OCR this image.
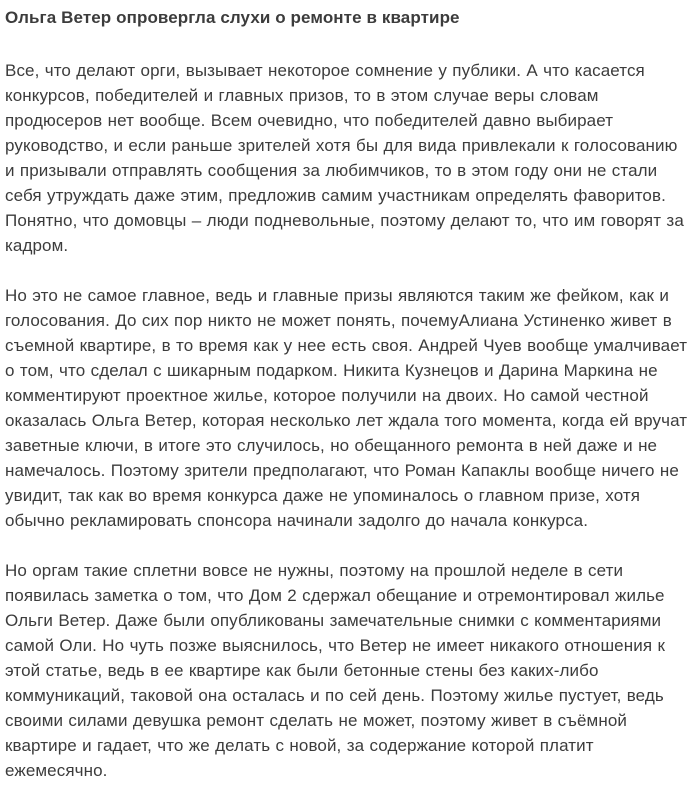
Ольга Ветер опровергла слухи о ремонте в квартире

Все, что делают орги, вызывает некоторое сомнение у публики. А что касается конкурсов, победителей и главных призов, то в этом случае веры словам продюсеров нет вообще. Всем очевидно, что победителей давно выбирает руководство, и если раньше зрителей хотя бы для вида привлекали к голосованию и призывали отправлять сообщения за любимчиков, то в этом году они не стали себя утруждать даже этим, предложив самим участникам определять фаворитов. Понятно, что домовцы – люди подневольные, поэтому делают то, что им говорят за кадром.

Но это не самое главное, ведь и главные призы являются таким же фейком, как и голосования. До сих пор никто не может понять, почемуАлиана Устиненко живет в съемной квартире, в то время как у нее есть своя. Андрей Чуев вообще умалчивает о том, что сделал с шикарным подарком. Никита Кузнецов и Дарина Маркина не комментируют проектное жилье, которое получили на двоих. Но самой честной оказалась Ольга Ветер, которая несколько лет ждала того момента, когда ей вручат заветные ключи, в итоге это случилось, но обещанного ремонта в ней даже и не намечалось. Поэтому зрители предполагают, что Роман Капаклы вообще ничего не увидит, так как во время конкурса даже не упоминалось о главном призе, хотя обычно рекламировать спонсора начинали задолго до начала конкурса.

Но оргам такие сплетни вовсе не нужны, поэтому на прошлой неделе в сети появилась заметка о том, что Дом 2 сдержал обещание и отремонтировал жилье Ольги Ветер. Даже были опубликованы замечательные снимки с комментариями самой Оли. Но чуть позже выяснилось, что Ветер не имеет никакого отношения к этой статье, ведь в ее квартире как были бетонные стены без каких-либо коммуникаций, таковой она осталась и по сей день. Поэтому жилье пустует, ведь своими силами девушка ремонт сделать не может, поэтому живет в съёмной квартире и гадает, что же делать с новой, за содержание которой платит ежемесячно.
